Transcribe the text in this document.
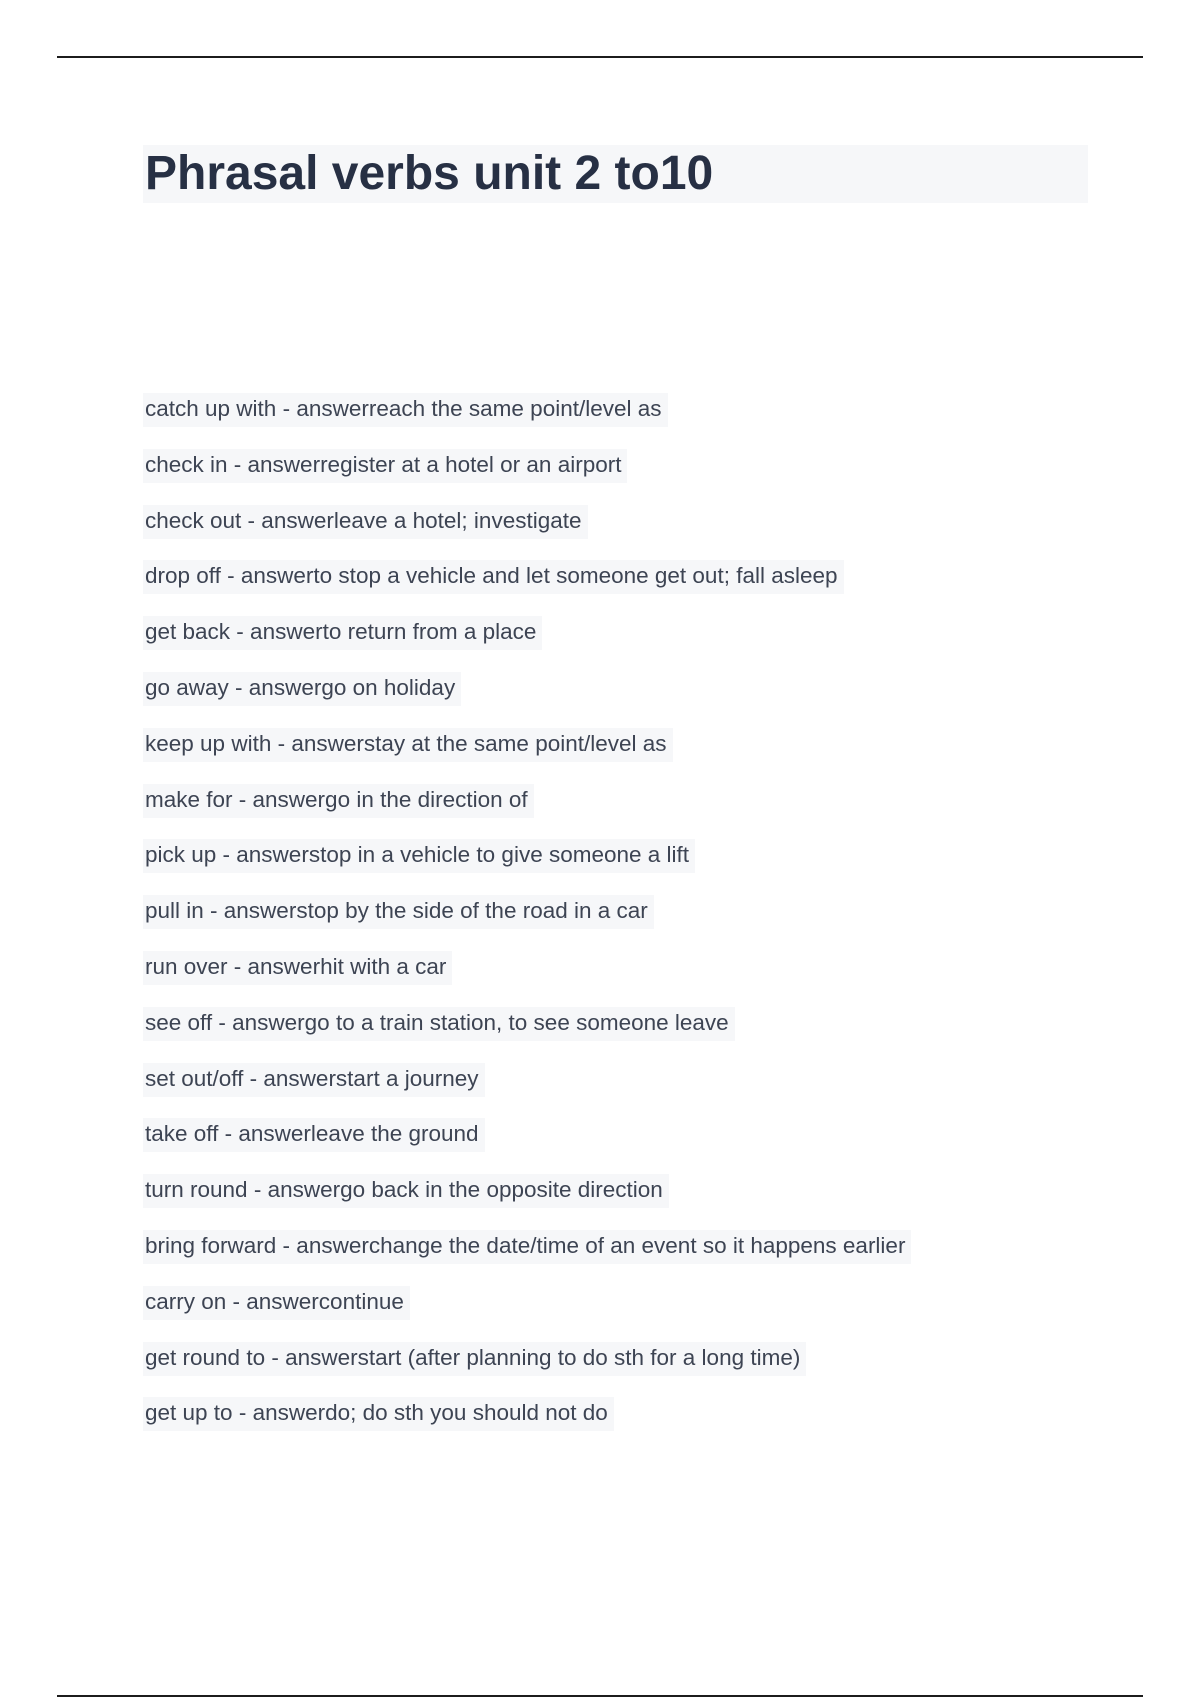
Phrasal verbs unit 2 to10
catch up with - answerreach the same point/level as
check in - answerregister at a hotel or an airport
check out - answerleave a hotel; investigate
drop off - answerto stop a vehicle and let someone get out; fall asleep
get back - answerto return from a place
go away - answergo on holiday
keep up with - answerstay at the same point/level as
make for - answergo in the direction of
pick up - answerstop in a vehicle to give someone a lift
pull in - answerstop by the side of the road in a car
run over - answerhit with a car
see off - answergo to a train station, to see someone leave
set out/off - answerstart a journey
take off - answerleave the ground
turn round - answergo back in the opposite direction
bring forward - answerchange the date/time of an event so it happens earlier
carry on - answercontinue
get round to - answerstart (after planning to do sth for a long time)
get up to - answerdo; do sth you should not do
